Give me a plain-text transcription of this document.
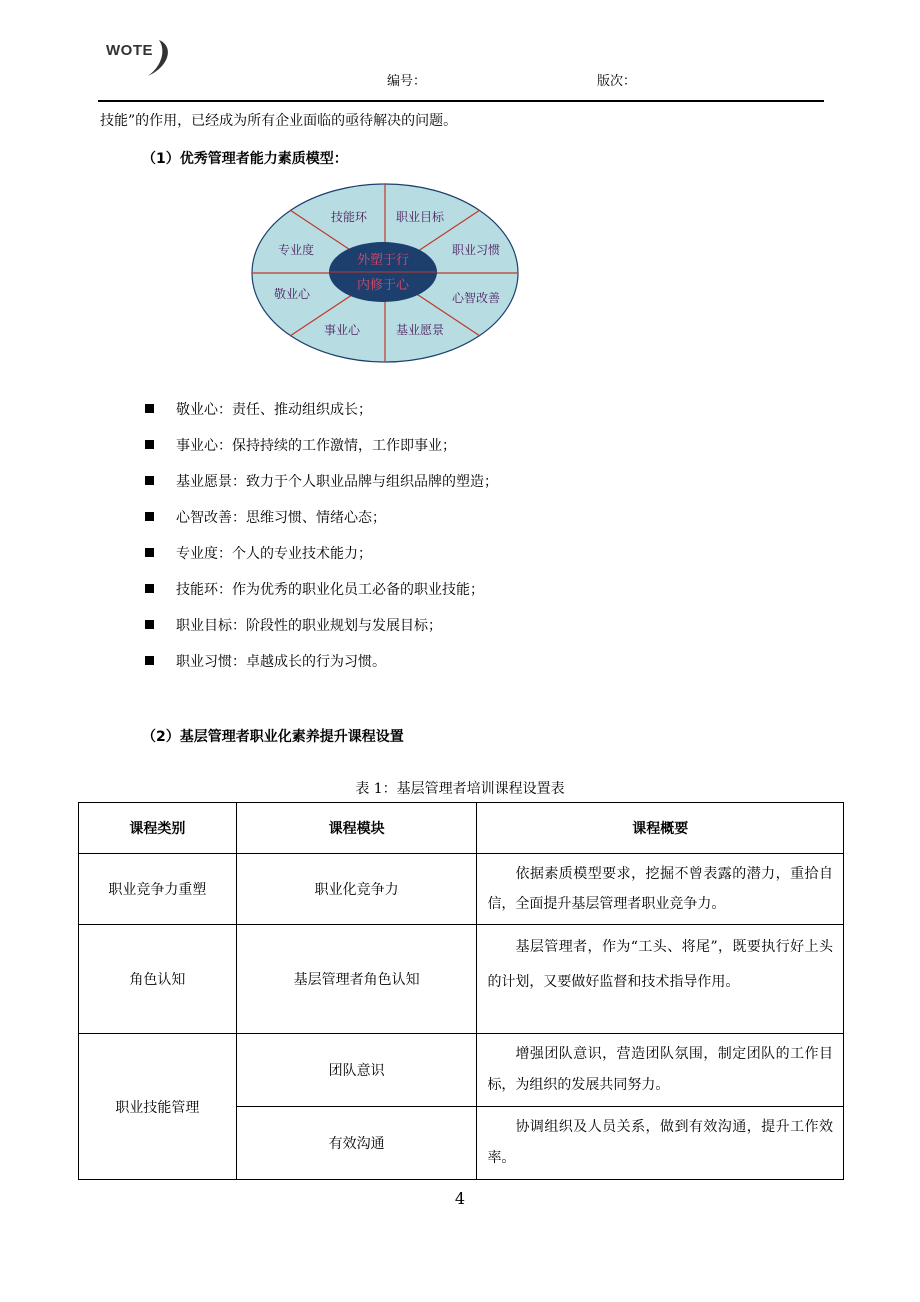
WOTE
编号：	版次：
技能”的作用，已经成为所有企业面临的亟待解决的问题。
（1）优秀管理者能力素质模型：
外塑于行
内修于心
技能环 职业目标
职业习惯
心智改善
基业愿景
事业心
敬业心
专业度
敬业心：责任、推动组织成长；
事业心：保持持续的工作激情，工作即事业；
基业愿景：致力于个人职业品牌与组织品牌的塑造；
心智改善：思维习惯、情绪心态；
专业度：个人的专业技术能力；
技能环：作为优秀的职业化员工必备的职业技能；
职业目标：阶段性的职业规划与发展目标；
职业习惯：卓越成长的行为习惯。
（2）基层管理者职业化素养提升课程设置
表 1：基层管理者培训课程设置表
课程类别	课程模块	课程概要
职业竞争力重塑	职业化竞争力	依据素质模型要求，挖掘不曾表露的潜力，重拾自信，全面提升基层管理者职业竞争力。

角色认知	基层管理者角色认知	基层管理者，作为“工头、将尾”，既要执行好上头的计划，又要做好监督和技术指导作用。

职业技能管理	团队意识	增强团队意识，营造团队氛围，制定团队的工作目标，为组织的发展共同努力。

	有效沟通	协调组织及人员关系，做到有效沟通，提升工作效率。
4
